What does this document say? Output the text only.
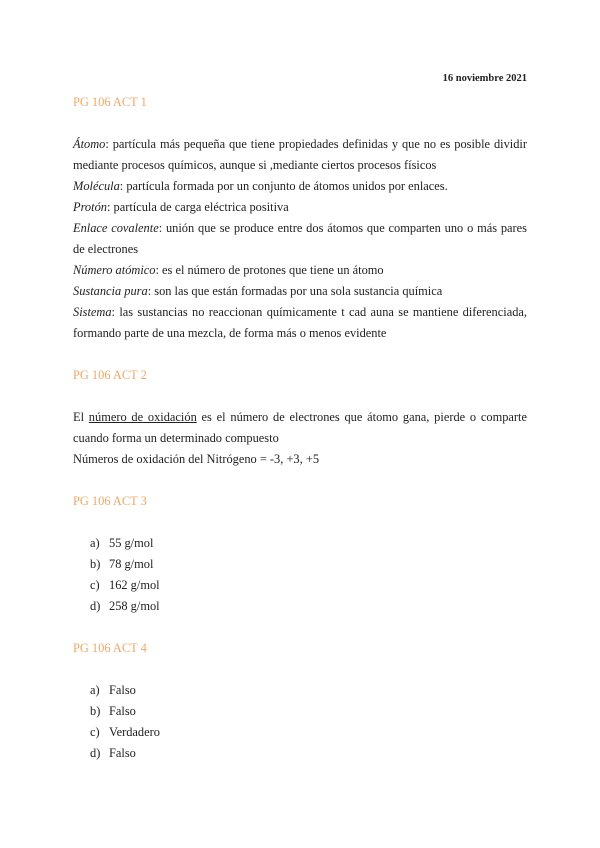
16 noviembre 2021

PG 106 ACT 1

Átomo: partícula más pequeña que tiene propiedades definidas y que no es posible dividir mediante procesos químicos, aunque si ,mediante ciertos procesos físicos

Molécula: partícula formada por un conjunto de átomos unidos por enlaces.

Protón: partícula de carga eléctrica positiva

Enlace covalente: unión que se produce entre dos átomos que comparten uno o más pares de electrones

Número atómico: es el número de protones que tiene un átomo

Sustancia pura: son las que están formadas por una sola sustancia química

Sistema: las sustancias no reaccionan químicamente t cad auna se mantiene diferenciada, formando parte de una mezcla, de forma más o menos evidente

PG 106 ACT 2

El número de oxidación es el número de electrones que átomo gana, pierde o comparte cuando forma un determinado compuesto

Números de oxidación del Nitrógeno = -3, +3, +5

PG 106 ACT 3

a) 55 g/mol
b) 78 g/mol
c) 162 g/mol
d) 258 g/mol

PG 106 ACT 4

a) Falso
b) Falso
c) Verdadero
d) Falso
